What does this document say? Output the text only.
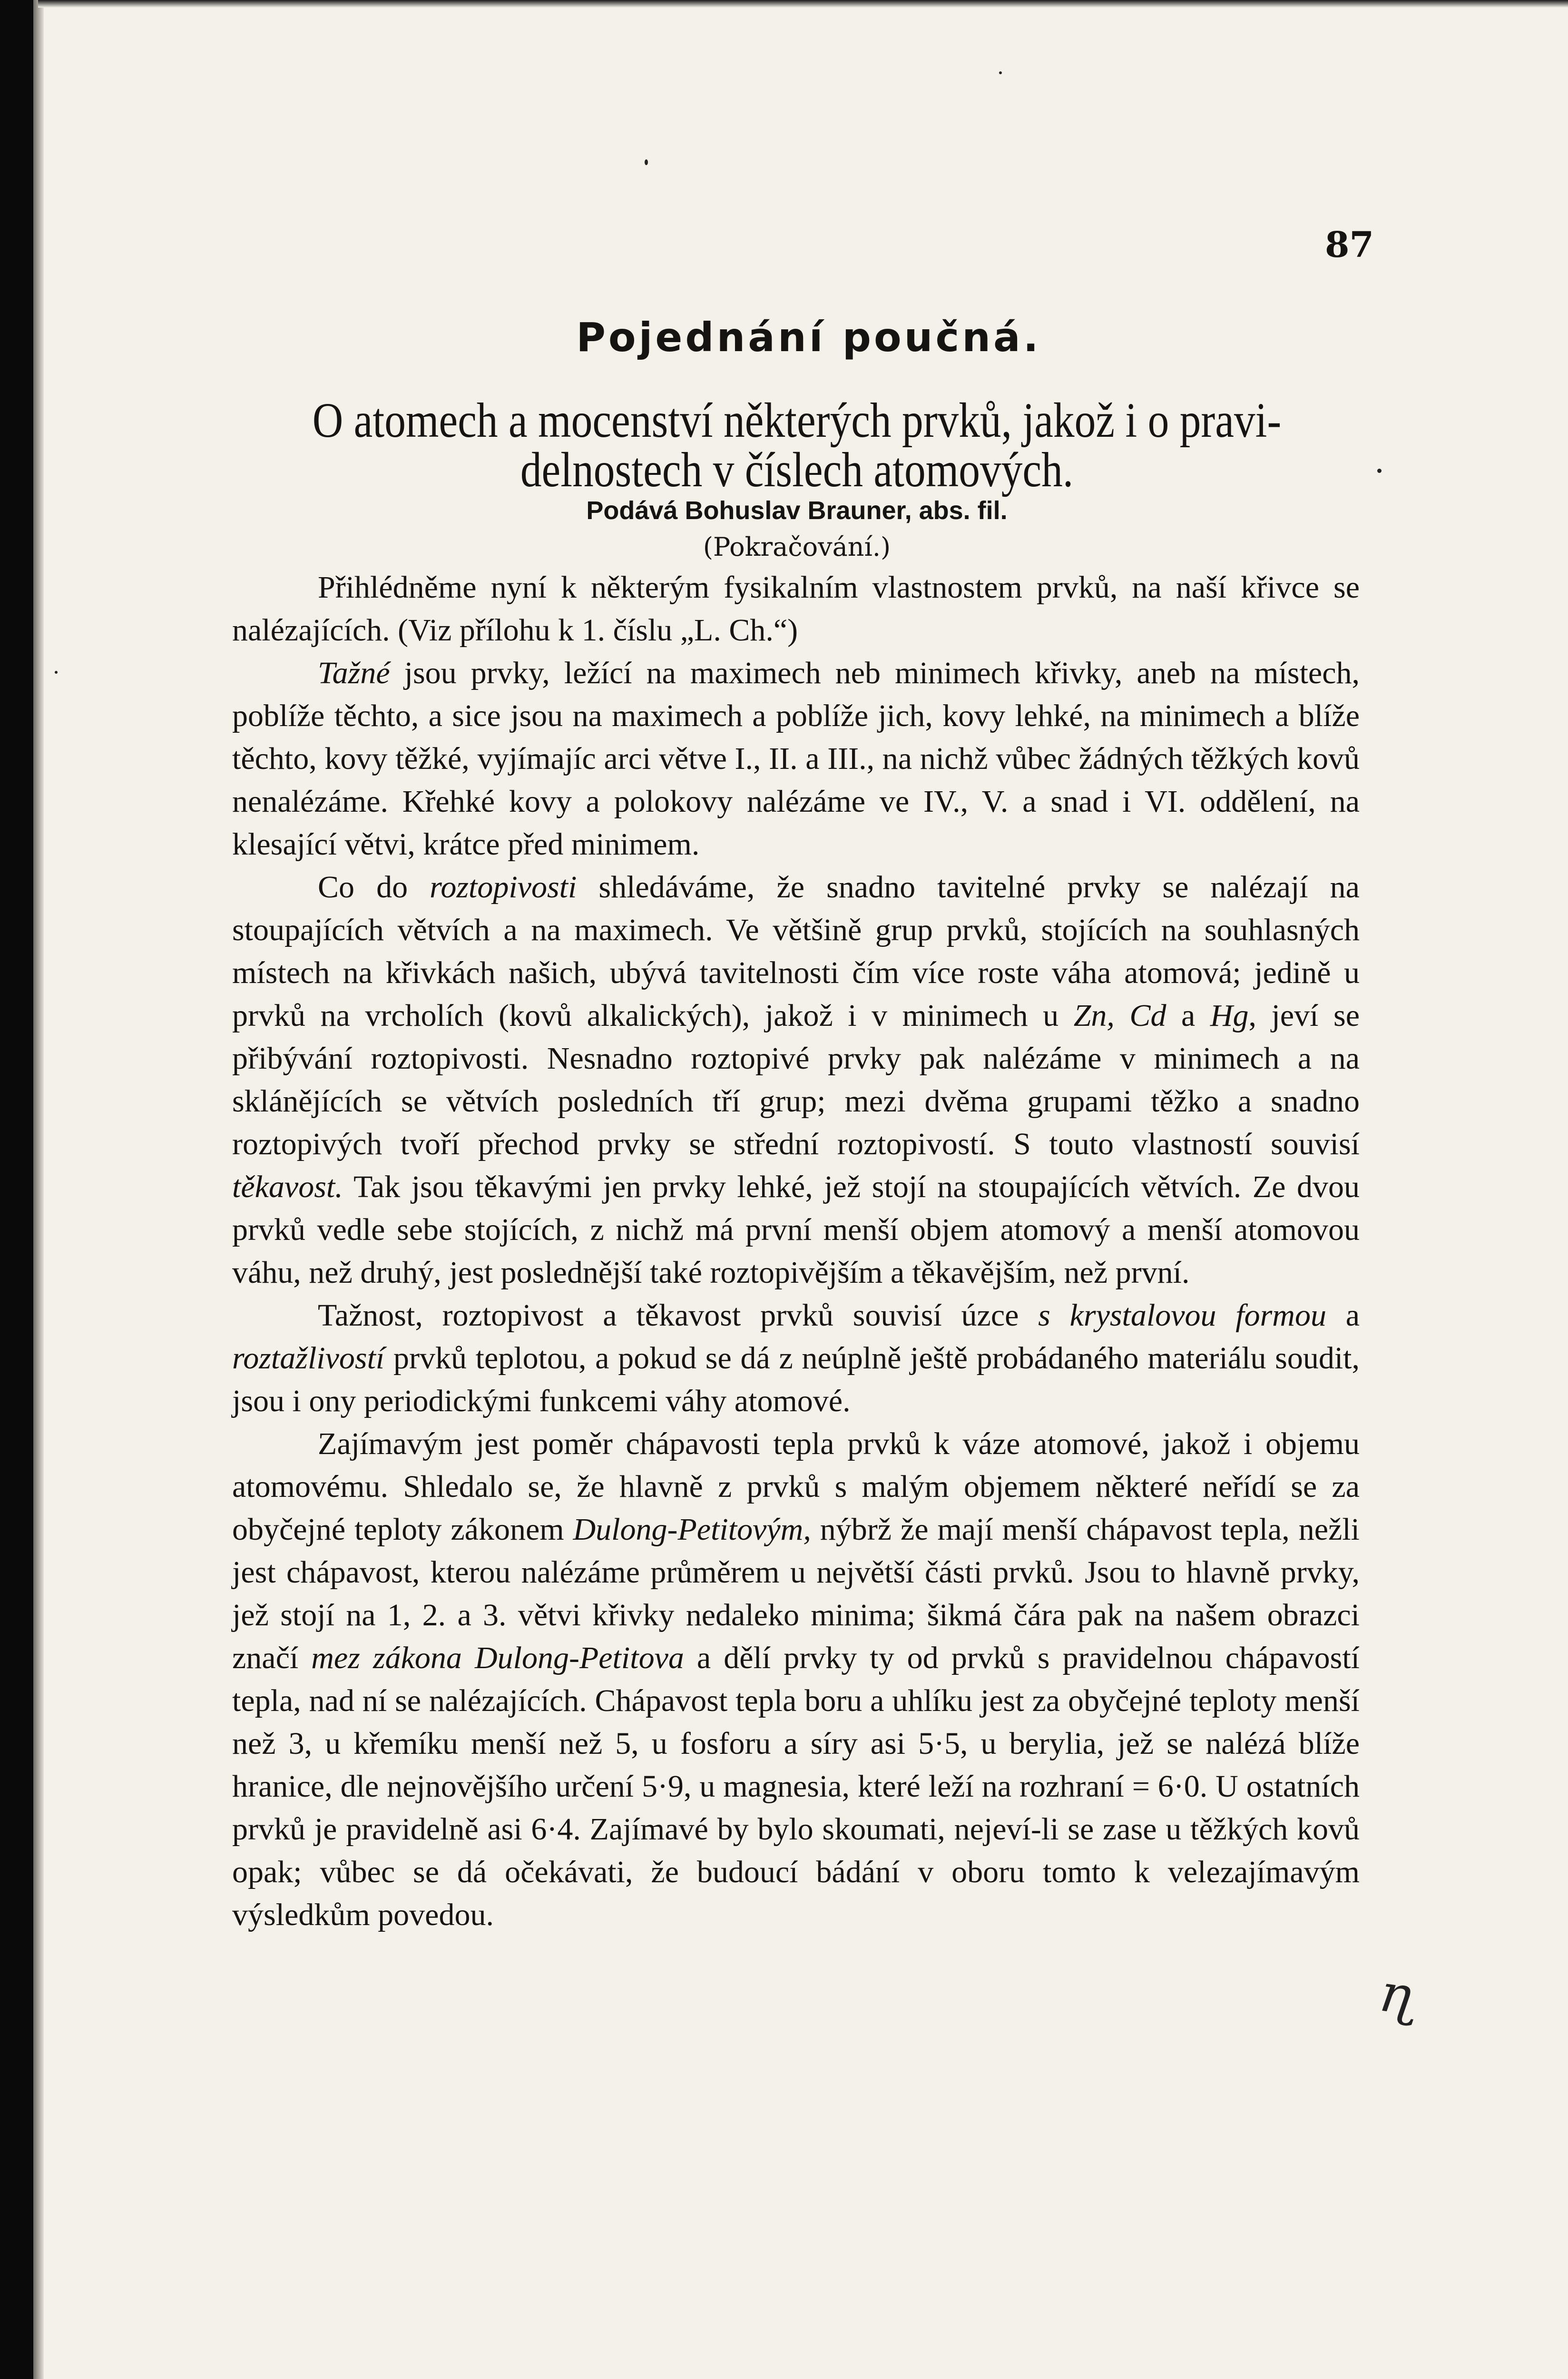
87
Pojednání poučná.
O atomech a mocenství některých prvků, jakož i o pravi-
delnostech v číslech atomových.
Podává Bohuslav Brauner, abs. fil.
(Pokračování.)

Přihlédněme nyní k některým fysikalním vlastnostem prvků, na naší křivce se nalézajících. (Viz přílohu k 1. číslu „L. Ch.“)

Tažné jsou prvky, ležící na maximech neb minimech křivky, aneb na místech, poblíže těchto, a sice jsou na maximech a poblíže jich, kovy lehké, na minimech a blíže těchto, kovy těžké, vyjímajíc arci větve I., II. a III., na nichž vůbec žádných těžkých kovů nenalézáme. Křehké kovy a polokovy nalézáme ve IV., V. a snad i VI. oddělení, na klesající větvi, krátce před minimem.

Co do roztopivosti shledáváme, že snadno tavitelné prvky se nalézají na stoupajících větvích a na maximech. Ve většině grup prvků, stojících na souhlasných místech na křivkách našich, ubývá tavitelnosti čím více roste váha atomová; jedině u prvků na vrcholích (kovů alkalických), jakož i v minimech u Zn, Cd a Hg, jeví se přibývání roztopivosti. Nesnadno roztopivé prvky pak nalézáme v minimech a na sklánějících se větvích posledních tří grup; mezi dvěma grupami těžko a snadno roztopivých tvoří přechod prvky se střední roztopivostí. S touto vlastností souvisí těkavost. Tak jsou těkavými jen prvky lehké, jež stojí na stoupajících větvích. Ze dvou prvků vedle sebe stojících, z nichž má první menší objem atomový a menší atomovou váhu, než druhý, jest poslednější také roztopivějším a těkavějším, než první.

Tažnost, roztopivost a těkavost prvků souvisí úzce s krystalovou formou a roztažlivostí prvků teplotou, a pokud se dá z neúplně ještě probádaného materiálu soudit, jsou i ony periodickými funkcemi váhy atomové.

Zajímavým jest poměr chápavosti tepla prvků k váze atomové, jakož i objemu atomovému. Shledalo se, že hlavně z prvků s malým objemem některé neřídí se za obyčejné teploty zákonem Dulong-Petitovým, nýbrž že mají menší chápavost tepla, nežli jest chápavost, kterou nalézáme průměrem u největší části prvků. Jsou to hlavně prvky, jež stojí na 1, 2. a 3. větvi křivky nedaleko minima; šikmá čára pak na našem obrazci značí mez zákona Dulong-Petitova a dělí prvky ty od prvků s pravidelnou chápavostí tepla, nad ní se nalézajících. Chápavost tepla boru a uhlíku jest za obyčejné teploty menší než 3, u křemíku menší než 5, u fosforu a síry asi 5·5, u berylia, jež se nalézá blíže hranice, dle nejnovějšího určení 5·9, u magnesia, které leží na rozhraní = 6·0. U ostatních prvků je pravidelně asi 6·4. Zajímavé by bylo skoumati, nejeví-li se zase u těžkých kovů opak; vůbec se dá očekávati, že budoucí bádání v oboru tomto k velezajímavým výsledkům povedou.

ɳ
